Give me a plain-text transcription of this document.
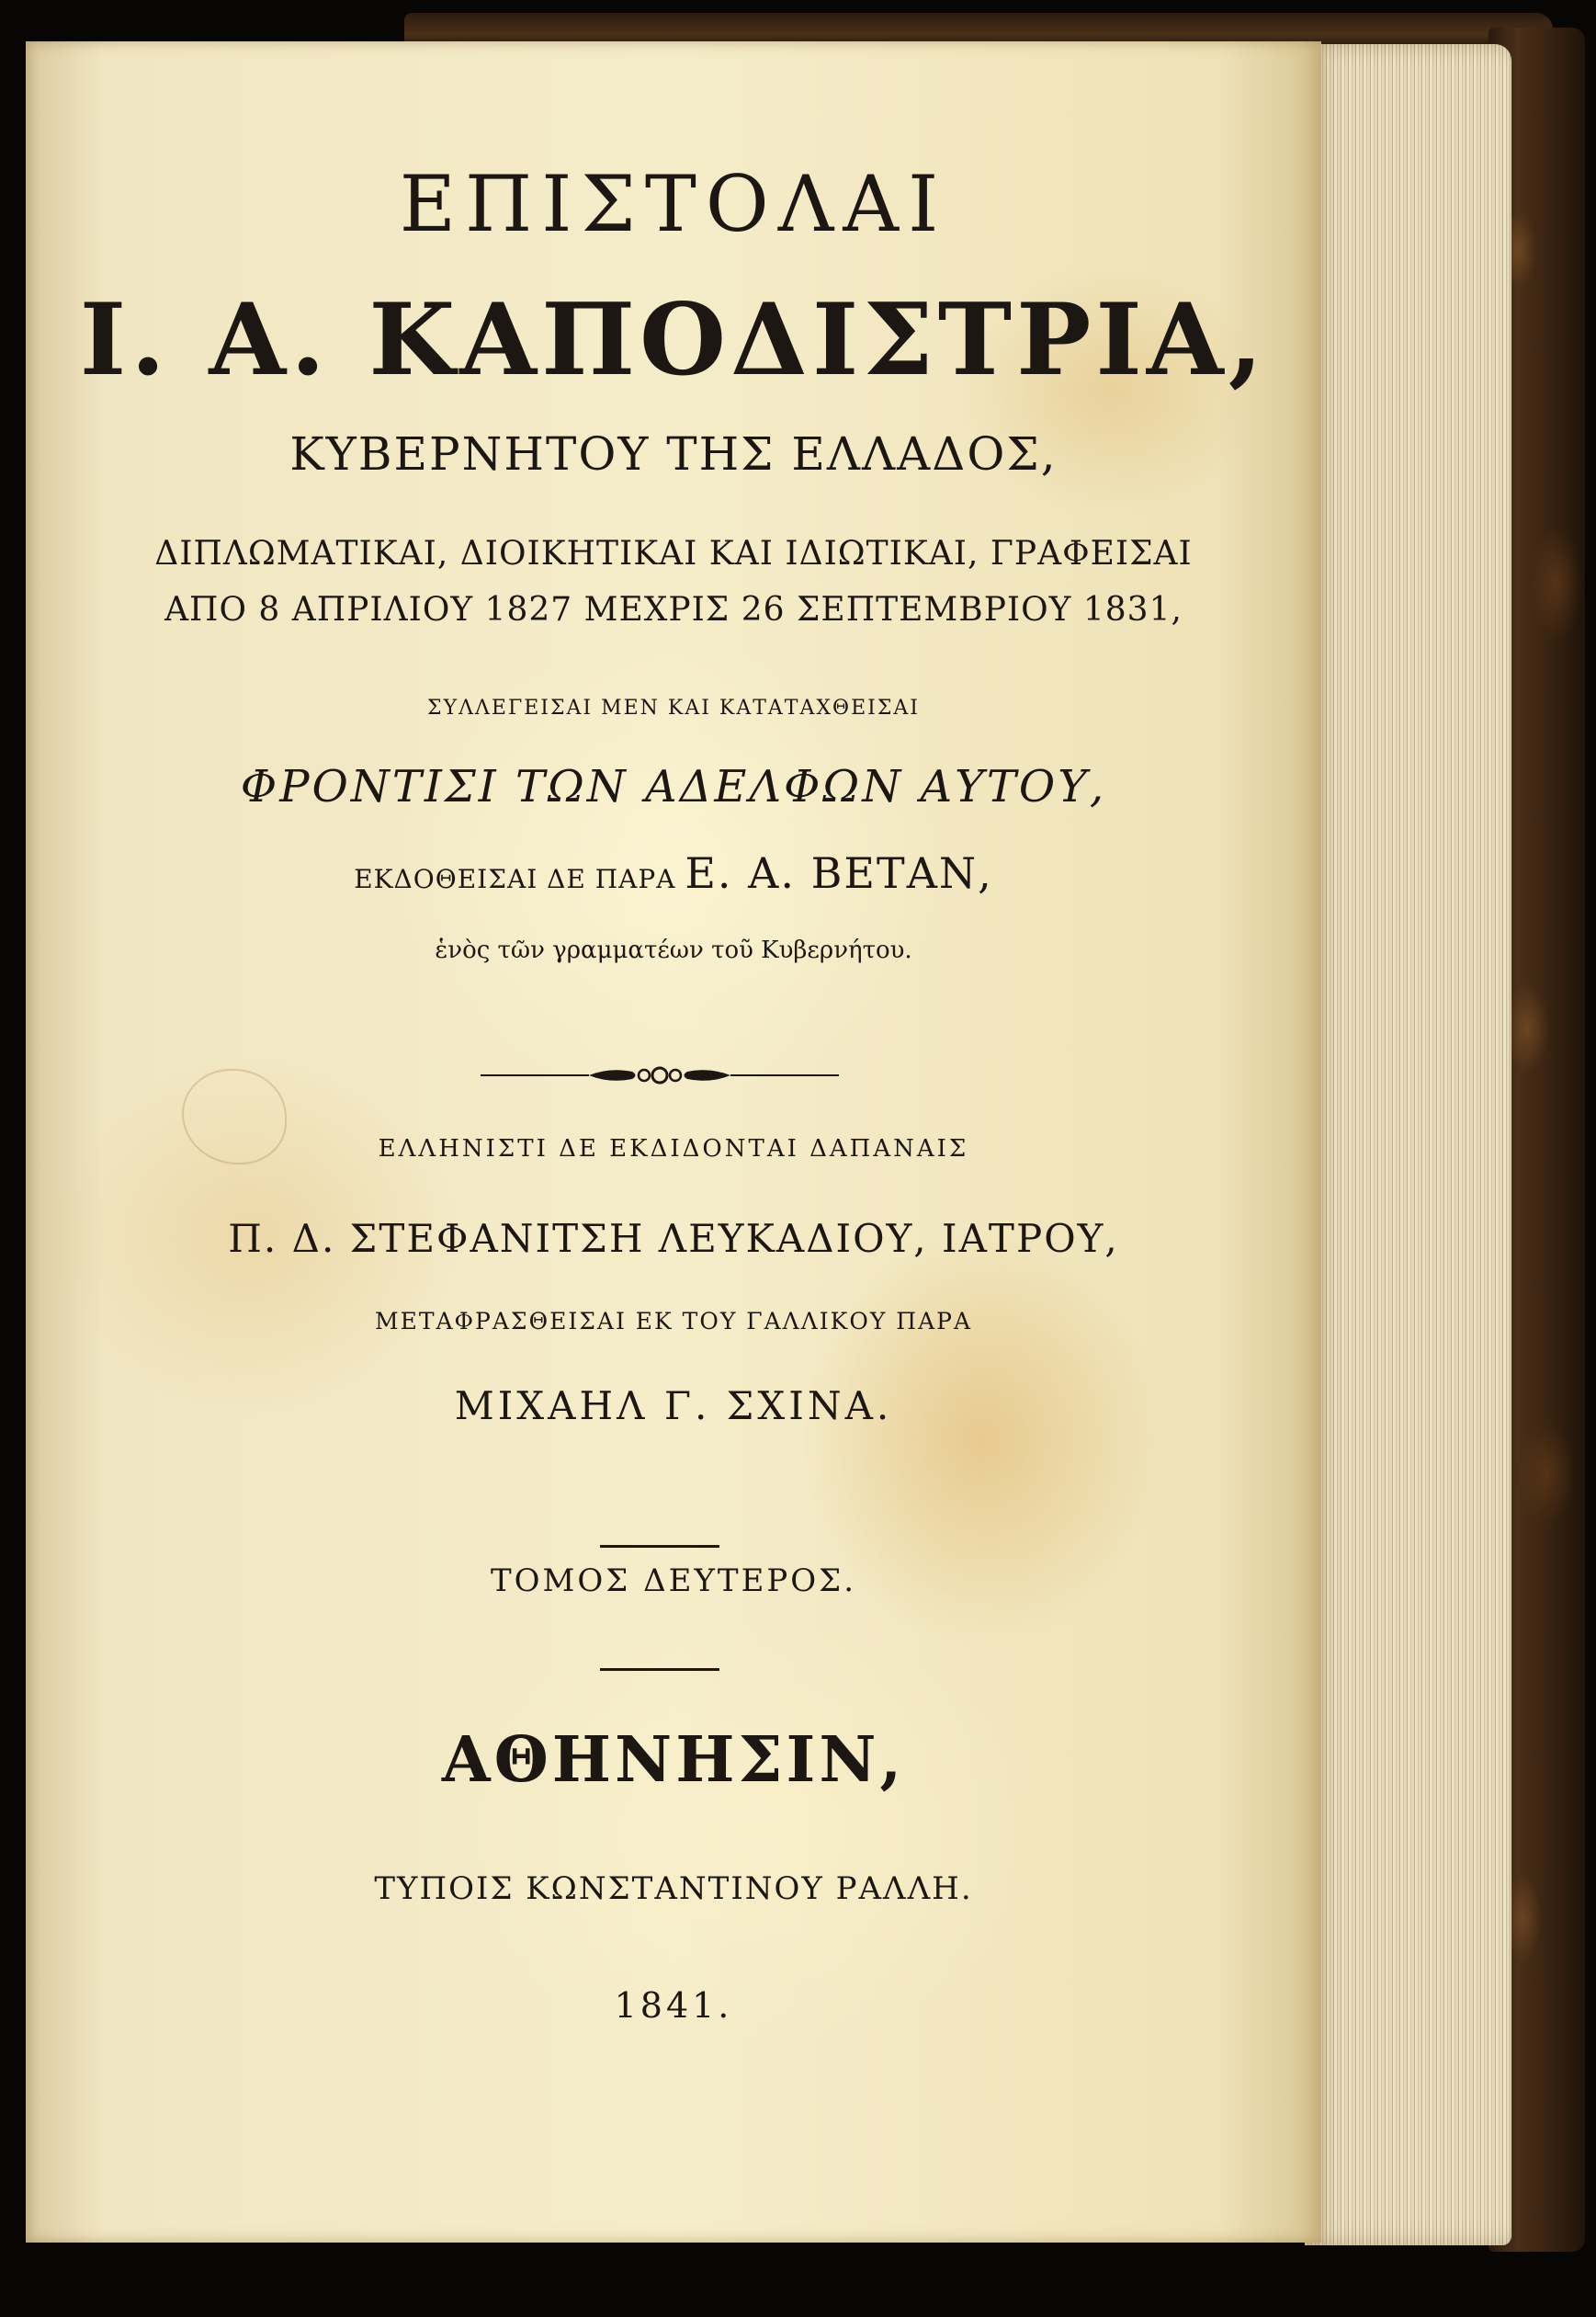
ΕΠΙΣΤΟΛΑΙ
Ι. Α. ΚΑΠΟΔΙΣΤΡΙΑ,
ΚΥΒΕΡΝΗΤΟΥ ΤΗΣ ΕΛΛΑΔΟΣ,
ΔΙΠΛΩΜΑΤΙΚΑΙ, ΔΙΟΙΚΗΤΙΚΑΙ ΚΑΙ ΙΔΙΩΤΙΚΑΙ, ΓΡΑΦΕΙΣΑΙ
ΑΠΟ 8 ΑΠΡΙΛΙΟΥ 1827 ΜΕΧΡΙΣ 26 ΣΕΠΤΕΜΒΡΙΟΥ 1831,
ΣΥΛΛΕΓΕΙΣΑΙ ΜΕΝ ΚΑΙ ΚΑΤΑΤΑΧΘΕΙΣΑΙ
ΦΡΟΝΤΙΣΙ ΤΩΝ ΑΔΕΛΦΩΝ ΑΥΤΟΥ,
ΕΚΔΟΘΕΙΣΑΙ ΔΕ ΠΑΡΑ Ε. Α. ΒΕΤΑΝ,
ἑνὸς τῶν γραμματέων τοῦ Κυβερνήτου.
ΕΛΛΗΝΙΣΤΙ ΔΕ ΕΚΔΙΔΟΝΤΑΙ ΔΑΠΑΝΑΙΣ
Π. Δ. ΣΤΕΦΑΝΙΤΣΗ ΛΕΥΚΑΔΙΟΥ, ΙΑΤΡΟΥ,
ΜΕΤΑΦΡΑΣΘΕΙΣΑΙ ΕΚ ΤΟΥ ΓΑΛΛΙΚΟΥ ΠΑΡΑ
ΜΙΧΑΗΛ Γ. ΣΧΙΝΑ.
ΤΟΜΟΣ ΔΕΥΤΕΡΟΣ.
ΑΘΗΝΗΣΙΝ,
ΤΥΠΟΙΣ ΚΩΝΣΤΑΝΤΙΝΟΥ ΡΑΛΛΗ.
1841.
